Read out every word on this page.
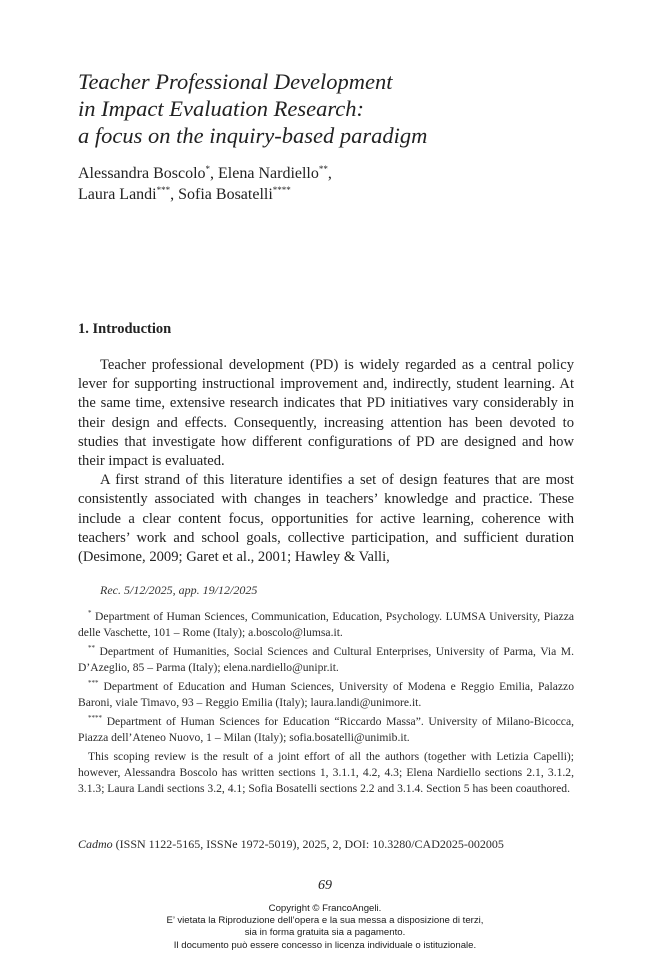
Teacher Professional Development
in Impact Evaluation Research:
a focus on the inquiry-based paradigm
Alessandra Boscolo*, Elena Nardiello**,
Laura Landi***, Sofia Bosatelli****
1. Introduction

Teacher professional development (PD) is widely regarded as a central policy lever for supporting instructional improvement and, indirectly, student learning. At the same time, extensive research indicates that PD initiatives vary considerably in their design and effects. Consequently, increasing attention has been devoted to studies that investigate how different configurations of PD are designed and how their impact is evaluated.

A first strand of this literature identifies a set of design features that are most consistently associated with changes in teachers’ knowledge and practice. These include a clear content focus, opportunities for active learning, coherence with teachers’ work and school goals, collective participation, and sufficient duration (Desimone, 2009; Garet et al., 2001; Hawley & Valli,

Rec. 5/12/2025, app. 19/12/2025

* Department of Human Sciences, Communication, Education, Psychology. LUMSA University, Piazza delle Vaschette, 101 – Rome (Italy); a.boscolo@lumsa.it.

** Department of Humanities, Social Sciences and Cultural Enterprises, University of Parma, Via M. D’Azeglio, 85 – Parma (Italy); elena.nardiello@unipr.it.

*** Department of Education and Human Sciences, University of Modena e Reggio Emilia, Palazzo Baroni, viale Timavo, 93 – Reggio Emilia (Italy); laura.landi@unimore.it.

**** Department of Human Sciences for Education “Riccardo Massa”. University of Milano-Bicocca, Piazza dell’Ateneo Nuovo, 1 – Milan (Italy); sofia.bosatelli@unimib.it.

This scoping review is the result of a joint effort of all the authors (together with Letizia Capelli); however, Alessandra Boscolo has written sections 1, 3.1.1, 4.2, 4.3; Elena Nardiello sections 2.1, 3.1.2, 3.1.3; Laura Landi sections 3.2, 4.1; Sofia Bosatelli sections 2.2 and 3.1.4. Section 5 has been coauthored.

Cadmo (ISSN 1122-5165, ISSNe 1972-5019), 2025, 2, DOI: 10.3280/CAD2025-002005
69
Copyright © FrancoAngeli.
E’ vietata la Riproduzione dell’opera e la sua messa a disposizione di terzi,
sia in forma gratuita sia a pagamento.
Il documento può essere concesso in licenza individuale o istituzionale.
